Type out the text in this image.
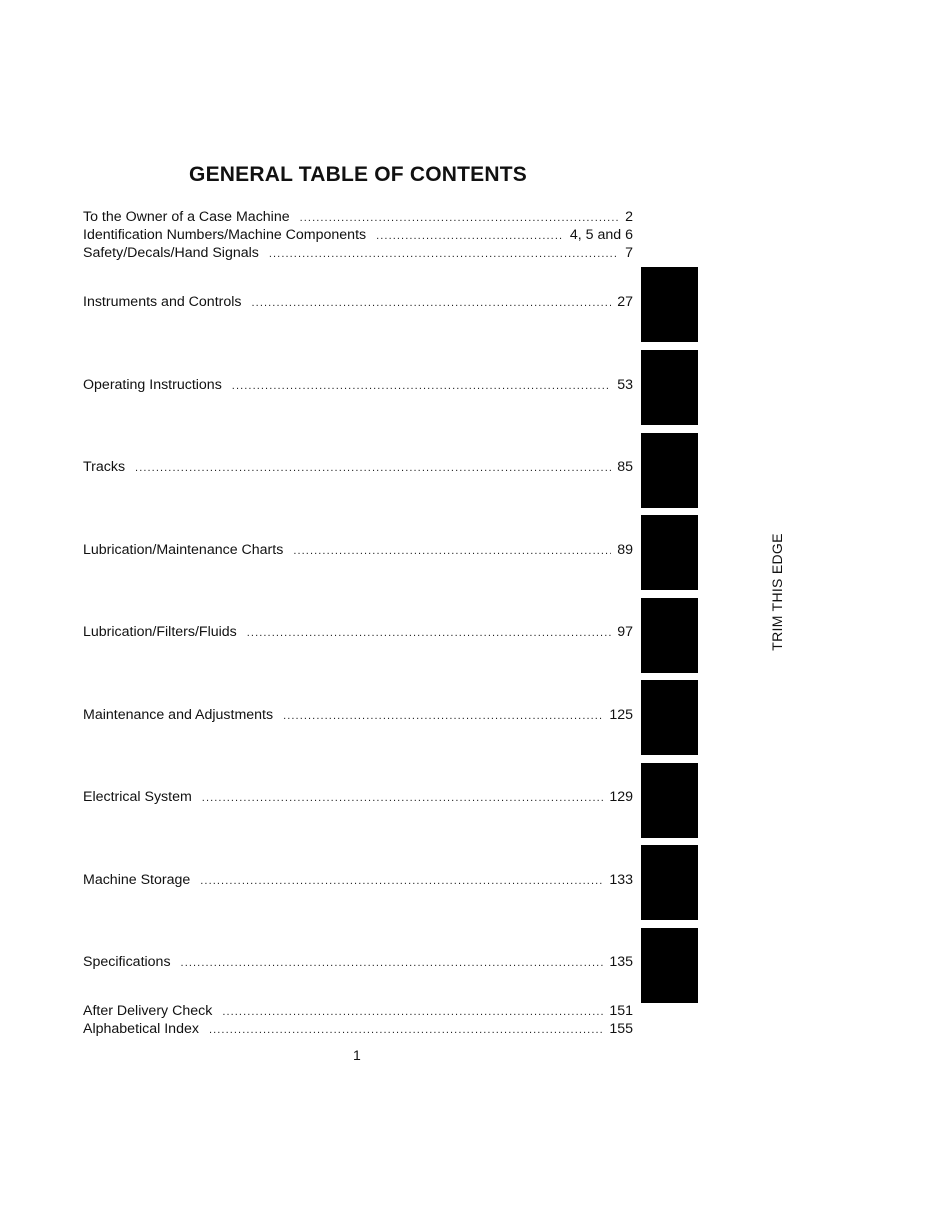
GENERAL TABLE OF CONTENTS
To the Owner of a Case Machine .....	2
Identification Numbers/Machine Components .....	4, 5 and 6
Safety/Decals/Hand Signals .....	7
Instruments and Controls .....	27
Operating Instructions .....	53
Tracks .....	85
Lubrication/Maintenance Charts .....	89
Lubrication/Filters/Fluids .....	97
Maintenance and Adjustments .....	125
Electrical System .....	129
Machine Storage .....	133
Specifications .....	135
After Delivery Check .....	151
Alphabetical Index .....	155
TRIM THIS EDGE
1
